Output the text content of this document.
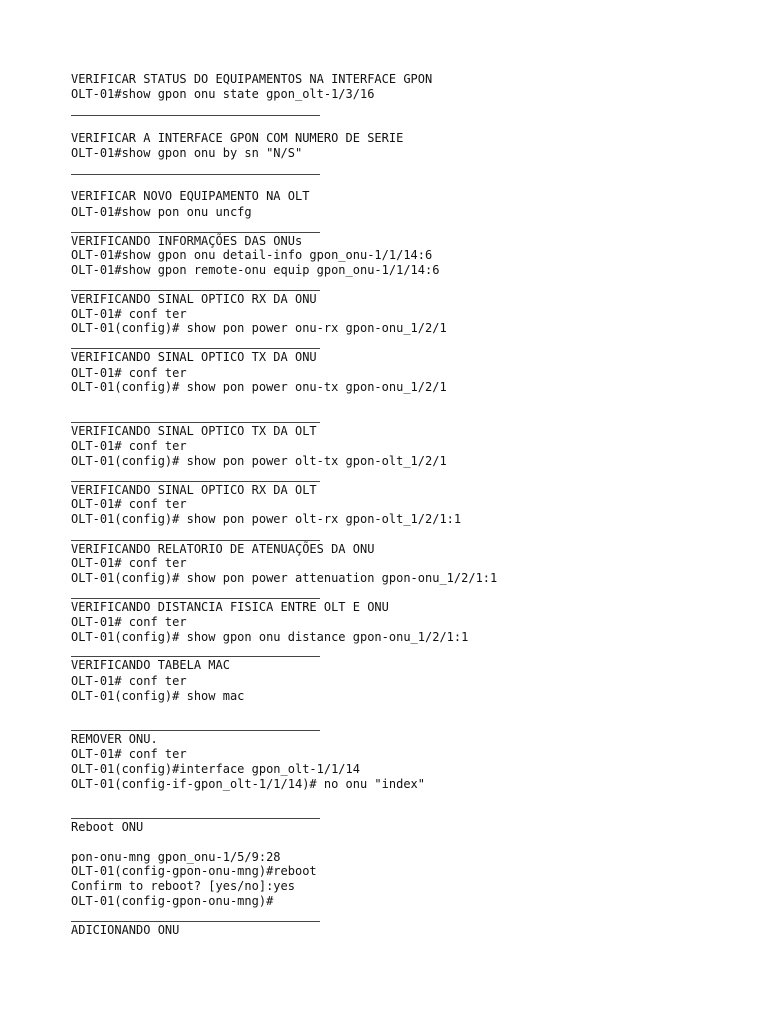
VERIFICAR STATUS DO EQUIPAMENTOS NA INTERFACE GPON

OLT-01#show gpon onu state gpon_olt-1/3/16

VERIFICAR A INTERFACE GPON COM NUMERO DE SERIE

OLT-01#show gpon onu by sn "N/S"

VERIFICAR NOVO EQUIPAMENTO NA OLT

OLT-01#show pon onu uncfg

VERIFICANDO INFORMAÇÕES DAS ONUs

OLT-01#show gpon onu detail-info gpon_onu-1/1/14:6

OLT-01#show gpon remote-onu equip gpon_onu-1/1/14:6

VERIFICANDO SINAL OPTICO RX DA ONU

OLT-01# conf ter

OLT-01(config)# show pon power onu-rx gpon-onu_1/2/1

VERIFICANDO SINAL OPTICO TX DA ONU

OLT-01# conf ter

OLT-01(config)# show pon power onu-tx gpon-onu_1/2/1

VERIFICANDO SINAL OPTICO TX DA OLT

OLT-01# conf ter

OLT-01(config)# show pon power olt-tx gpon-olt_1/2/1

VERIFICANDO SINAL OPTICO RX DA OLT

OLT-01# conf ter

OLT-01(config)# show pon power olt-rx gpon-olt_1/2/1:1

VERIFICANDO RELATORIO DE ATENUAÇÕES DA ONU

OLT-01# conf ter

OLT-01(config)# show pon power attenuation gpon-onu_1/2/1:1

VERIFICANDO DISTANCIA FISICA ENTRE OLT E ONU

OLT-01# conf ter

OLT-01(config)# show gpon onu distance gpon-onu_1/2/1:1

VERIFICANDO TABELA MAC

OLT-01# conf ter

OLT-01(config)# show mac

REMOVER ONU.

OLT-01# conf ter

OLT-01(config)#interface gpon_olt-1/1/14

OLT-01(config-if-gpon_olt-1/1/14)# no onu "index"

Reboot ONU

pon-onu-mng gpon_onu-1/5/9:28

OLT-01(config-gpon-onu-mng)#reboot

Confirm to reboot? [yes/no]:yes

OLT-01(config-gpon-onu-mng)#

ADICIONANDO ONU
